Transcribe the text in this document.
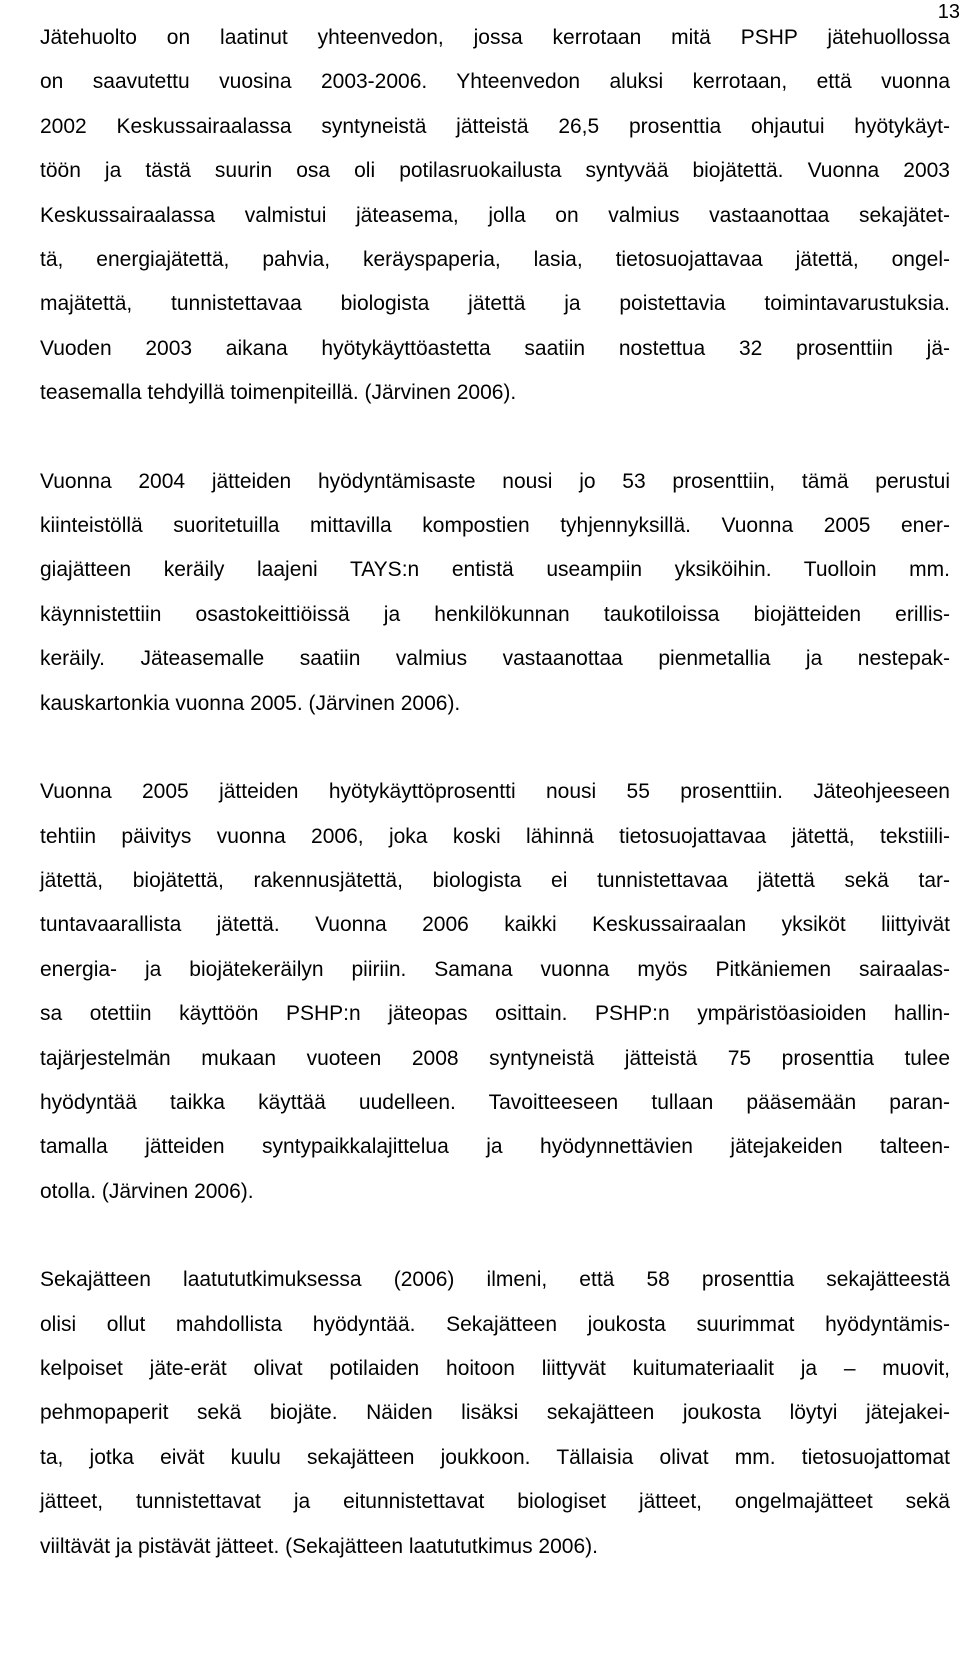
13

Jätehuolto on laatinut yhteenvedon, jossa kerrotaan mitä PSHP jätehuollossa

on saavutettu vuosina 2003-2006. Yhteenvedon aluksi kerrotaan, että vuonna

2002 Keskussairaalassa syntyneistä jätteistä 26,5 prosenttia ohjautui hyötykäyt-

töön ja tästä suurin osa oli potilasruokailusta syntyvää biojätettä. Vuonna 2003

Keskussairaalassa valmistui jäteasema, jolla on valmius vastaanottaa sekajätet-

tä, energiajätettä, pahvia, keräyspaperia, lasia, tietosuojattavaa jätettä, ongel-

majätettä, tunnistettavaa biologista jätettä ja poistettavia toimintavarustuksia.

Vuoden 2003 aikana hyötykäyttöastetta saatiin nostettua 32 prosenttiin jä-

teasemalla tehdyillä toimenpiteillä. (Järvinen 2006).

Vuonna 2004 jätteiden hyödyntämisaste nousi jo 53 prosenttiin, tämä perustui

kiinteistöllä suoritetuilla mittavilla kompostien tyhjennyksillä. Vuonna 2005 ener-

giajätteen keräily laajeni TAYS:n entistä useampiin yksiköihin. Tuolloin mm.

käynnistettiin osastokeittiöissä ja henkilökunnan taukotiloissa biojätteiden erillis-

keräily. Jäteasemalle saatiin valmius vastaanottaa pienmetallia ja nestepak-

kauskartonkia vuonna 2005. (Järvinen 2006).

Vuonna 2005 jätteiden hyötykäyttöprosentti nousi 55 prosenttiin. Jäteohjeeseen

tehtiin päivitys vuonna 2006, joka koski lähinnä tietosuojattavaa jätettä, tekstiili-

jätettä, biojätettä, rakennusjätettä, biologista ei tunnistettavaa jätettä sekä tar-

tuntavaarallista jätettä. Vuonna 2006 kaikki Keskussairaalan yksiköt liittyivät

energia- ja biojätekeräilyn piiriin. Samana vuonna myös Pitkäniemen sairaalas-

sa otettiin käyttöön PSHP:n jäteopas osittain. PSHP:n ympäristöasioiden hallin-

tajärjestelmän mukaan vuoteen 2008 syntyneistä jätteistä 75 prosenttia tulee

hyödyntää taikka käyttää uudelleen. Tavoitteeseen tullaan pääsemään paran-

tamalla jätteiden syntypaikkalajittelua ja hyödynnettävien jätejakeiden talteen-

otolla. (Järvinen 2006).

Sekajätteen laatututkimuksessa (2006) ilmeni, että 58 prosenttia sekajätteestä

olisi ollut mahdollista hyödyntää. Sekajätteen joukosta suurimmat hyödyntämis-

kelpoiset jäte-erät olivat potilaiden hoitoon liittyvät kuitumateriaalit ja – muovit,

pehmopaperit sekä biojäte. Näiden lisäksi sekajätteen joukosta löytyi jätejakei-

ta, jotka eivät kuulu sekajätteen joukkoon. Tällaisia olivat mm. tietosuojattomat

jätteet, tunnistettavat ja eitunnistettavat biologiset jätteet, ongelmajätteet sekä

viiltävät ja pistävät jätteet. (Sekajätteen laatututkimus 2006).
